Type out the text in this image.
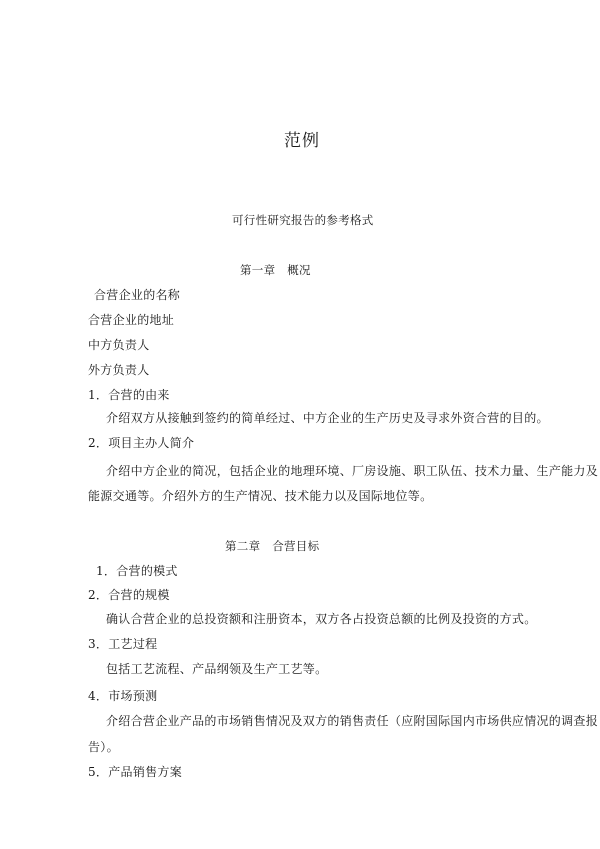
范例
可行性研究报告的参考格式
第一章　概况
合营企业的名称
合营企业的地址
中方负责人
外方负责人
1．合营的由来
介绍双方从接触到签约的简单经过、中方企业的生产历史及寻求外资合营的目的。
2．项目主办人简介
介绍中方企业的简况，包括企业的地理环境、厂房设施、职工队伍、技术力量、生产能力及
能源交通等。介绍外方的生产情况、技术能力以及国际地位等。
第二章　合营目标
1．合营的模式
2．合营的规模
确认合营企业的总投资额和注册资本，双方各占投资总额的比例及投资的方式。
3．工艺过程
包括工艺流程、产品纲领及生产工艺等。
4．市场预测
介绍合营企业产品的市场销售情况及双方的销售责任（应附国际国内市场供应情况的调查报
告）。
5．产品销售方案
